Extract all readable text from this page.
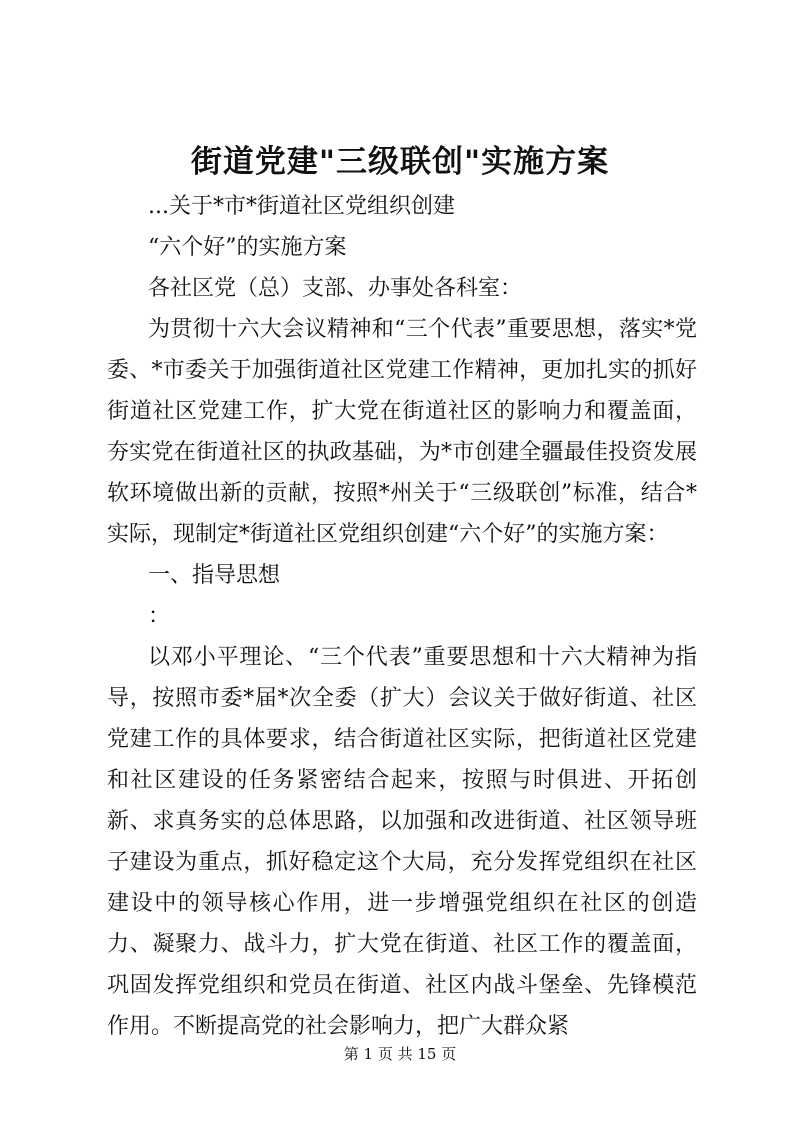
街道党建"三级联创"实施方案

...关于*市*街道社区党组织创建

“六个好”的实施方案

各社区党（总）支部、办事处各科室：

为贯彻十六大会议精神和“三个代表”重要思想，落实*党委、*市委关于加强街道社区党建工作精神，更加扎实的抓好街道社区党建工作，扩大党在街道社区的影响力和覆盖面，夯实党在街道社区的执政基础，为*市创建全疆最佳投资发展软环境做出新的贡献，按照*州关于“三级联创”标准，结合*实际，现制定*街道社区党组织创建“六个好”的实施方案：

一、指导思想

：

以邓小平理论、“三个代表”重要思想和十六大精神为指导，按照市委*届*次全委（扩大）会议关于做好街道、社区党建工作的具体要求，结合街道社区实际，把街道社区党建和社区建设的任务紧密结合起来，按照与时俱进、开拓创新、求真务实的总体思路，以加强和改进街道、社区领导班子建设为重点，抓好稳定这个大局，充分发挥党组织在社区建设中的领导核心作用，进一步增强党组织在社区的创造力、凝聚力、战斗力，扩大党在街道、社区工作的覆盖面，巩固发挥党组织和党员在街道、社区内战斗堡垒、先锋模范作用。不断提高党的社会影响力，把广大群众紧

第 1 页 共 15 页
